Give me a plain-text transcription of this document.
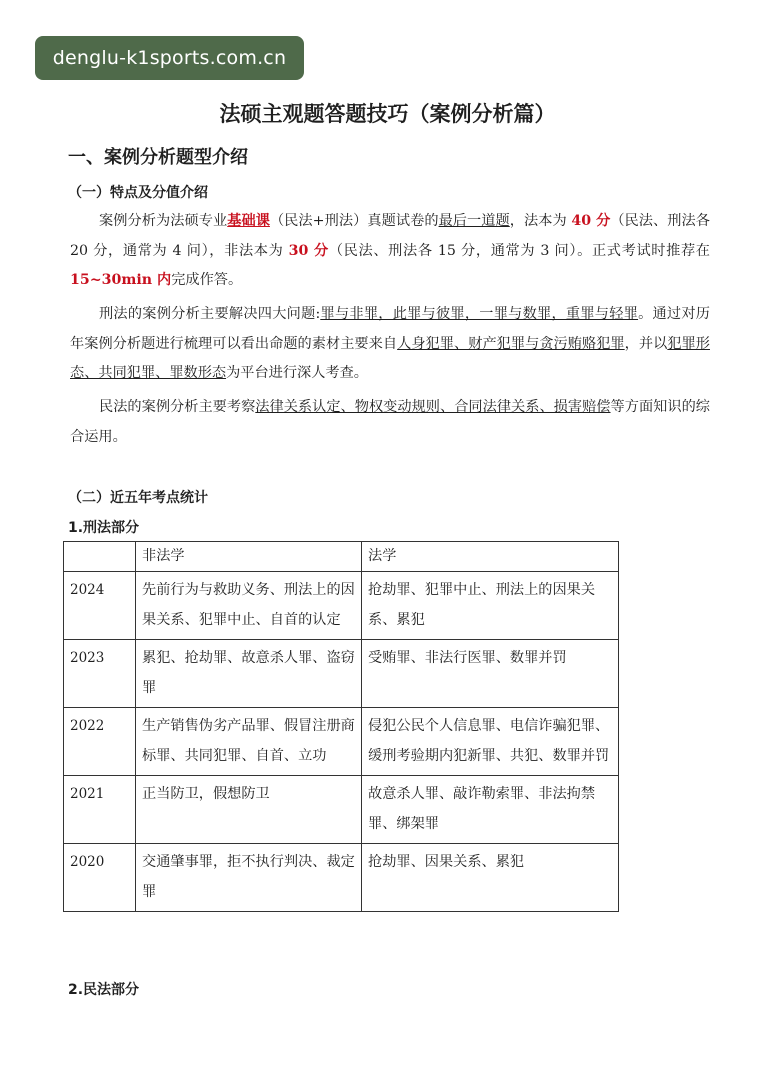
denglu-k1sports.com.cn
法硕主观题答题技巧（案例分析篇）
一、案例分析题型介绍
（一）特点及分值介绍

案例分析为法硕专业基础课（民法+刑法）真题试卷的最后一道题，法本为 40 分（民法、刑法各 20 分，通常为 4 问），非法本为 30 分（民法、刑法各 15 分，通常为 3 问）。正式考试时推荐在 15~30min 内完成作答。

刑法的案例分析主要解决四大问题:罪与非罪，此罪与彼罪，一罪与数罪，重罪与轻罪。通过对历年案例分析题进行梳理可以看出命题的素材主要来自人身犯罪、财产犯罪与贪污贿赂犯罪，并以犯罪形态、共同犯罪、罪数形态为平台进行深人考查。

民法的案例分析主要考察法律关系认定、物权变动规则、合同法律关系、损害赔偿等方面知识的综合运用。

（二）近五年考点统计
1.刑法部分
	非法学	法学
2024	先前行为与救助义务、刑法上的因果关系、犯罪中止、自首的认定	抢劫罪、犯罪中止、刑法上的因果关系、累犯
2023	累犯、抢劫罪、故意杀人罪、盗窃罪	受贿罪、非法行医罪、数罪并罚
2022	生产销售伪劣产品罪、假冒注册商标罪、共同犯罪、自首、立功	侵犯公民个人信息罪、电信诈骗犯罪、缓刑考验期内犯新罪、共犯、数罪并罚
2021	正当防卫，假想防卫	故意杀人罪、敲诈勒索罪、非法拘禁罪、绑架罪
2020	交通肇事罪，拒不执行判决、裁定罪	抢劫罪、因果关系、累犯
2.民法部分
